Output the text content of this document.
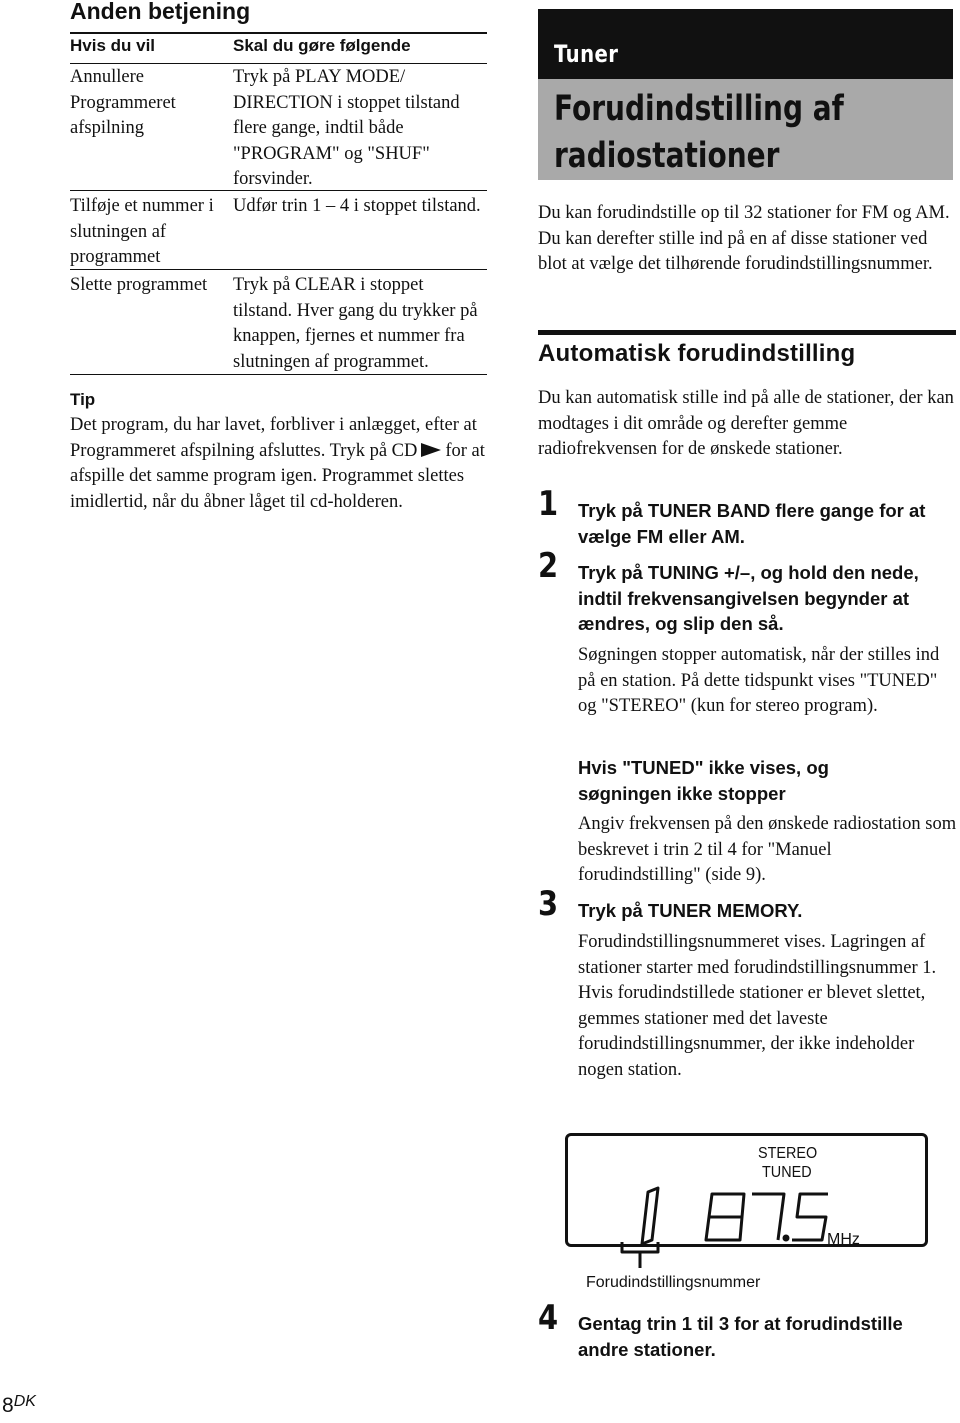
Anden betjening
Hvis du vil	Skal du gøre følgende
Annullere Programmeret afspilning
Tryk på PLAY MODE/ DIRECTION i stoppet tilstand flere gange, indtil både "PROGRAM" og "SHUF" forsvinder.
Tilføje et nummer i slutningen af programmet
Udfør trin 1 – 4 i stoppet tilstand.
Slette programmet	Tryk på CLEAR i stoppet tilstand. Hver gang du trykker på knappen, fjernes et nummer fra slutningen af programmet.
Tip
Det program, du har lavet, forbliver i anlægget, efter at Programmeret afspilning afsluttes. Tryk på CD for at afspille det samme program igen. Programmet slettes imidlertid, når du åbner låget til cd-holderen.
Tuner
Forudindstilling af radiostationer
Du kan forudindstille op til 32 stationer for FM og AM. Du kan derefter stille ind på en af disse stationer ved blot at vælge det tilhørende forudindstillingsnummer.
Automatisk forudindstilling
Du kan automatisk stille ind på alle de stationer, der kan modtages i dit område og derefter gemme radiofrekvensen for de ønskede stationer.
1 Tryk på TUNER BAND flere gange for at vælge FM eller AM.
2 Tryk på TUNING +/–, og hold den nede, indtil frekvensangivelsen begynder at ændres, og slip den så.
Søgningen stopper automatisk, når der stilles ind på en station. På dette tidspunkt vises "TUNED" og "STEREO" (kun for stereo program).
Hvis "TUNED" ikke vises, og søgningen ikke stopper
Angiv frekvensen på den ønskede radiostation som beskrevet i trin 2 til 4 for "Manuel forudindstilling" (side 9).
3 Tryk på TUNER MEMORY.
Forudindstillingsnummeret vises. Lagringen af stationer starter med forudindstillingsnummer 1. Hvis forudindstillede stationer er blevet slettet, gemmes stationer med det laveste forudindstillingsnummer, der ikke indeholder nogen station.
STEREO
TUNED
MHz
Forudindstillingsnummer
4 Gentag trin 1 til 3 for at forudindstille andre stationer.
$8^{DK}$
